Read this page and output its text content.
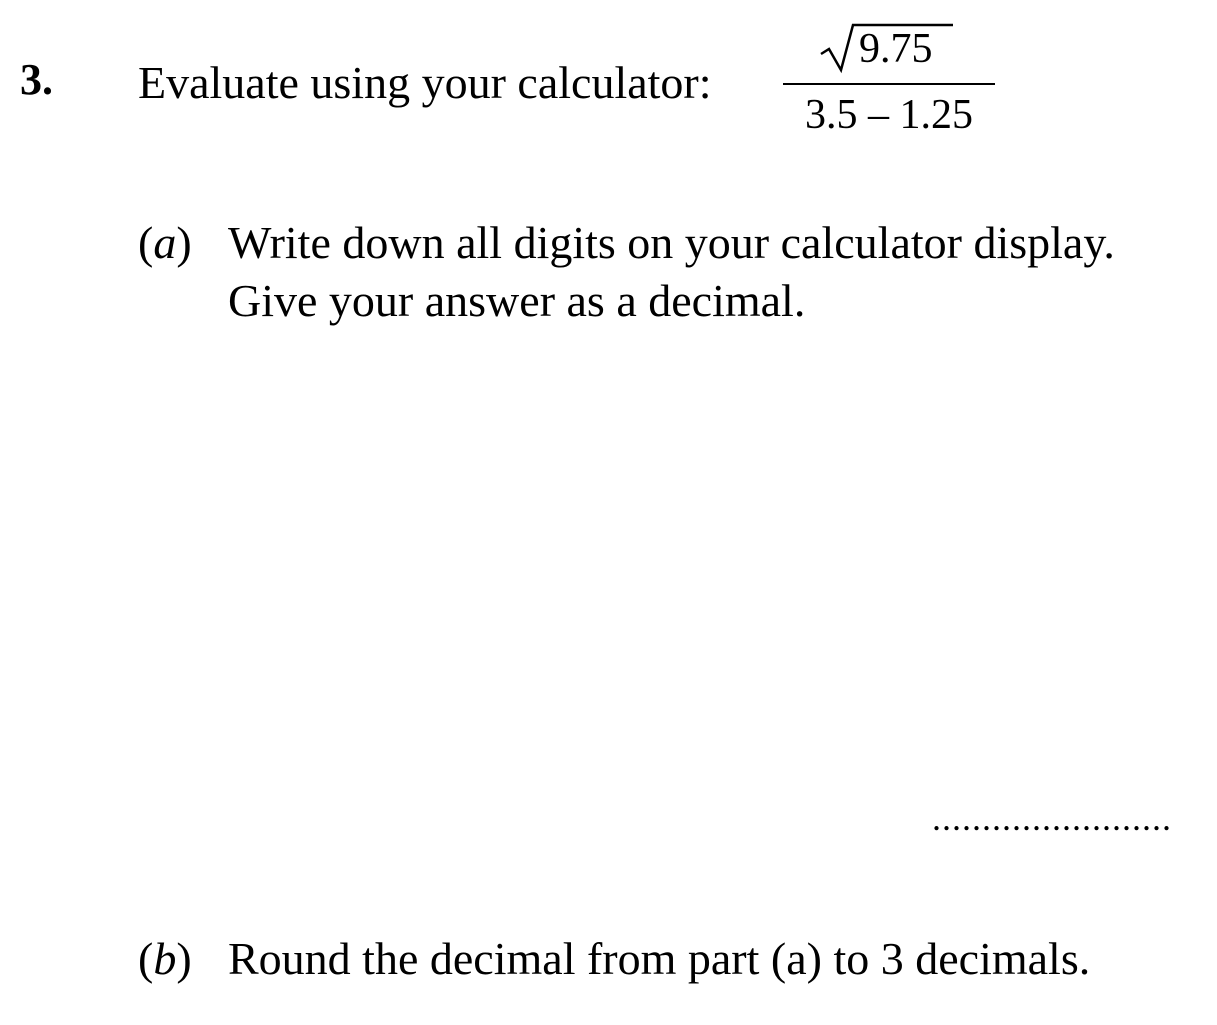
3. Evaluate using your calculator:
9.75
3.5 – 1.25
(a) Write down all digits on your calculator display.
Give your answer as a decimal.
........................
(b) Round the decimal from part (a) to 3 decimals.
